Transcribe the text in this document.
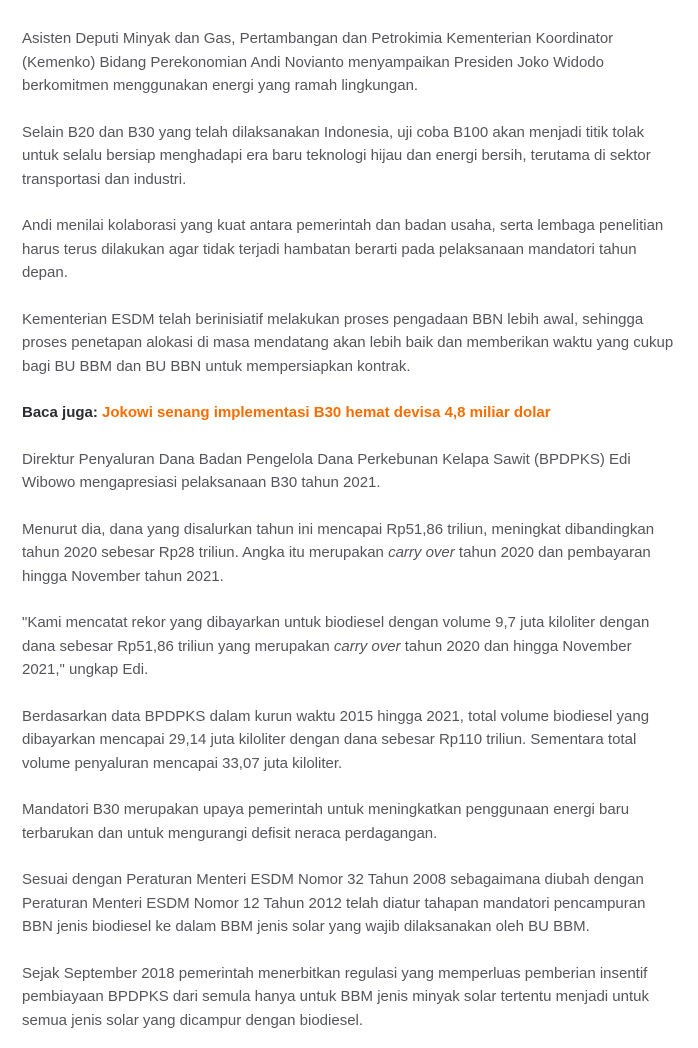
Asisten Deputi Minyak dan Gas, Pertambangan dan Petrokimia Kementerian Koordinator (Kemenko) Bidang Perekonomian Andi Novianto menyampaikan Presiden Joko Widodo berkomitmen menggunakan energi yang ramah lingkungan.

Selain B20 dan B30 yang telah dilaksanakan Indonesia, uji coba B100 akan menjadi titik tolak untuk selalu bersiap menghadapi era baru teknologi hijau dan energi bersih, terutama di sektor transportasi dan industri.

Andi menilai kolaborasi yang kuat antara pemerintah dan badan usaha, serta lembaga penelitian harus terus dilakukan agar tidak terjadi hambatan berarti pada pelaksanaan mandatori tahun depan.

Kementerian ESDM telah berinisiatif melakukan proses pengadaan BBN lebih awal, sehingga proses penetapan alokasi di masa mendatang akan lebih baik dan memberikan waktu yang cukup bagi BU BBM dan BU BBN untuk mempersiapkan kontrak.

Baca juga: Jokowi senang implementasi B30 hemat devisa 4,8 miliar dolar

Direktur Penyaluran Dana Badan Pengelola Dana Perkebunan Kelapa Sawit (BPDPKS) Edi Wibowo mengapresiasi pelaksanaan B30 tahun 2021.

Menurut dia, dana yang disalurkan tahun ini mencapai Rp51,86 triliun, meningkat dibandingkan tahun 2020 sebesar Rp28 triliun. Angka itu merupakan carry over tahun 2020 dan pembayaran hingga November tahun 2021.

"Kami mencatat rekor yang dibayarkan untuk biodiesel dengan volume 9,7 juta kiloliter dengan dana sebesar Rp51,86 triliun yang merupakan carry over tahun 2020 dan hingga November 2021," ungkap Edi.

Berdasarkan data BPDPKS dalam kurun waktu 2015 hingga 2021, total volume biodiesel yang dibayarkan mencapai 29,14 juta kiloliter dengan dana sebesar Rp110 triliun. Sementara total volume penyaluran mencapai 33,07 juta kiloliter.

Mandatori B30 merupakan upaya pemerintah untuk meningkatkan penggunaan energi baru terbarukan dan untuk mengurangi defisit neraca perdagangan.

Sesuai dengan Peraturan Menteri ESDM Nomor 32 Tahun 2008 sebagaimana diubah dengan Peraturan Menteri ESDM Nomor 12 Tahun 2012 telah diatur tahapan mandatori pencampuran BBN jenis biodiesel ke dalam BBM jenis solar yang wajib dilaksanakan oleh BU BBM.

Sejak September 2018 pemerintah menerbitkan regulasi yang memperluas pemberian insentif pembiayaan BPDPKS dari semula hanya untuk BBM jenis minyak solar tertentu menjadi untuk semua jenis solar yang dicampur dengan biodiesel.
